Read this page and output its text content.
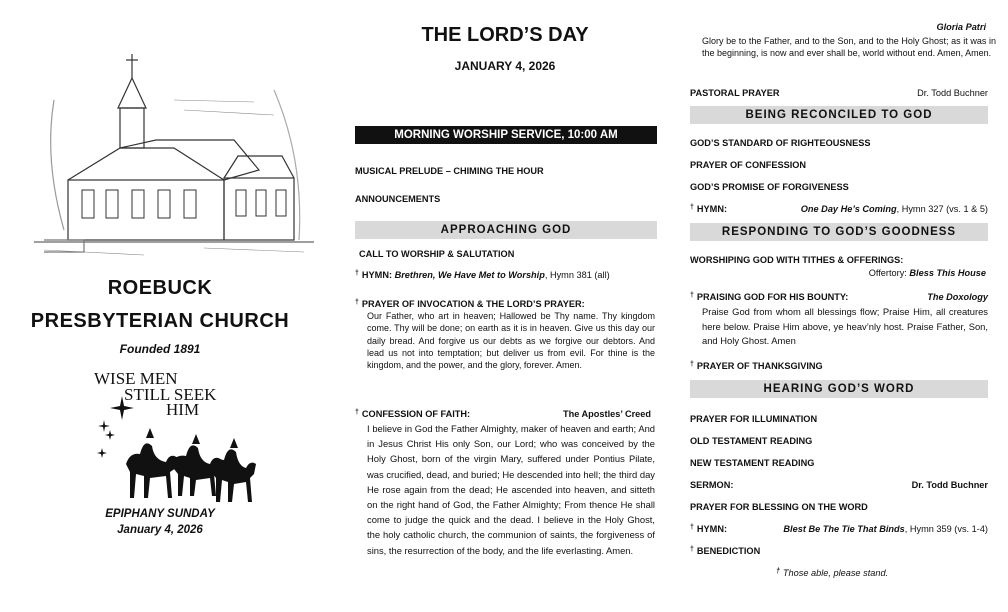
ROEBUCK
PRESBYTERIAN CHURCH
Founded 1891
WISE MEN
STILL SEEK
HIM
EPIPHANY SUNDAY
January 4, 2026
THE LORD’S DAY
JANUARY 4, 2026
MORNING WORSHIP SERVICE, 10:00 AM
MUSICAL PRELUDE – CHIMING THE HOUR
ANNOUNCEMENTS
APPROACHING GOD
CALL TO WORSHIP & SALUTATION
† HYMN: Brethren, We Have Met to Worship, Hymn 381 (all)
† PRAYER OF INVOCATION & THE LORD’S PRAYER:
Our Father, who art in heaven; Hallowed be Thy name. Thy kingdom come. Thy will be done; on earth as it is in heaven. Give us this day our daily bread. And forgive us our debts as we forgive our debtors. And lead us not into temptation; but deliver us from evil. For thine is the kingdom, and the power, and the glory, forever. Amen.
† CONFESSION OF FAITH:	The Apostles’ Creed
I believe in God the Father Almighty, maker of heaven and earth; And in Jesus Christ His only Son, our Lord; who was conceived by the Holy Ghost, born of the virgin Mary, suffered under Pontius Pilate, was crucified, dead, and buried; He descended into hell; the third day He rose again from the dead; He ascended into heaven, and sitteth on the right hand of God, the Father Almighty; From thence He shall come to judge the quick and the dead. I believe in the Holy Ghost, the holy catholic church, the communion of saints, the forgiveness of sins, the resurrection of the body, and the life everlasting. Amen.
Gloria Patri
Glory be to the Father, and to the Son, and to the Holy Ghost; as it was in the beginning, is now and ever shall be, world without end. Amen, Amen.
PASTORAL PRAYER	Dr. Todd Buchner
BEING RECONCILED TO GOD
GOD’S STANDARD OF RIGHTEOUSNESS
PRAYER OF CONFESSION
GOD’S PROMISE OF FORGIVENESS
† HYMN:	One Day He’s Coming, Hymn 327 (vs. 1 & 5)
RESPONDING TO GOD’S GOODNESS
WORSHIPING GOD WITH TITHES & OFFERINGS:
Offertory: Bless This House
† PRAISING GOD FOR HIS BOUNTY:	The Doxology
Praise God from whom all blessings flow; Praise Him, all creatures here below. Praise Him above, ye heav’nly host. Praise Father, Son, and Holy Ghost. Amen
† PRAYER OF THANKSGIVING
HEARING GOD’S WORD
PRAYER FOR ILLUMINATION
OLD TESTAMENT READING
NEW TESTAMENT READING
SERMON:	Dr. Todd Buchner
PRAYER FOR BLESSING ON THE WORD
† HYMN:	Blest Be The Tie That Binds, Hymn 359 (vs. 1-4)
† BENEDICTION
† Those able, please stand.
